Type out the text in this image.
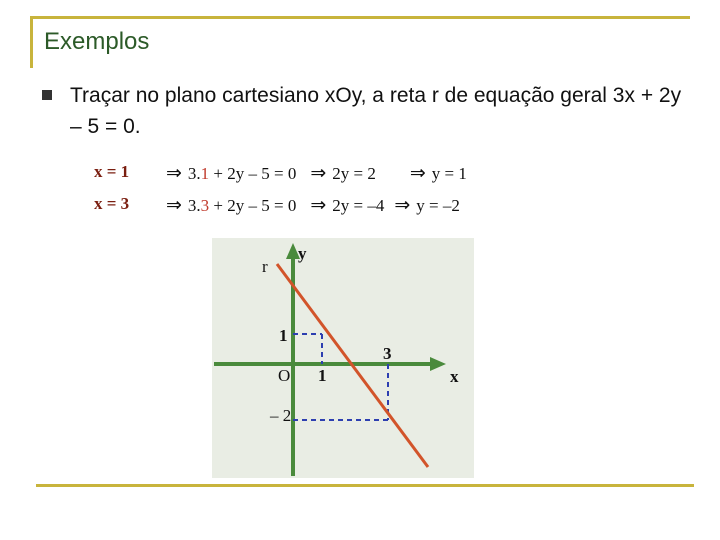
Exemplos
Traçar no plano cartesiano xOy, a reta r de equação geral 3x + 2y – 5 = 0.
x = 1 ⇒ 3.1 + 2y – 5 = 0 ⇒ 2y = 2 ⇒ y = 1
x = 3 ⇒ 3.3 + 2y – 5 = 0 ⇒ 2y = –4 ⇒ y = –2
r
y
x
O
1
– 2
1
3
